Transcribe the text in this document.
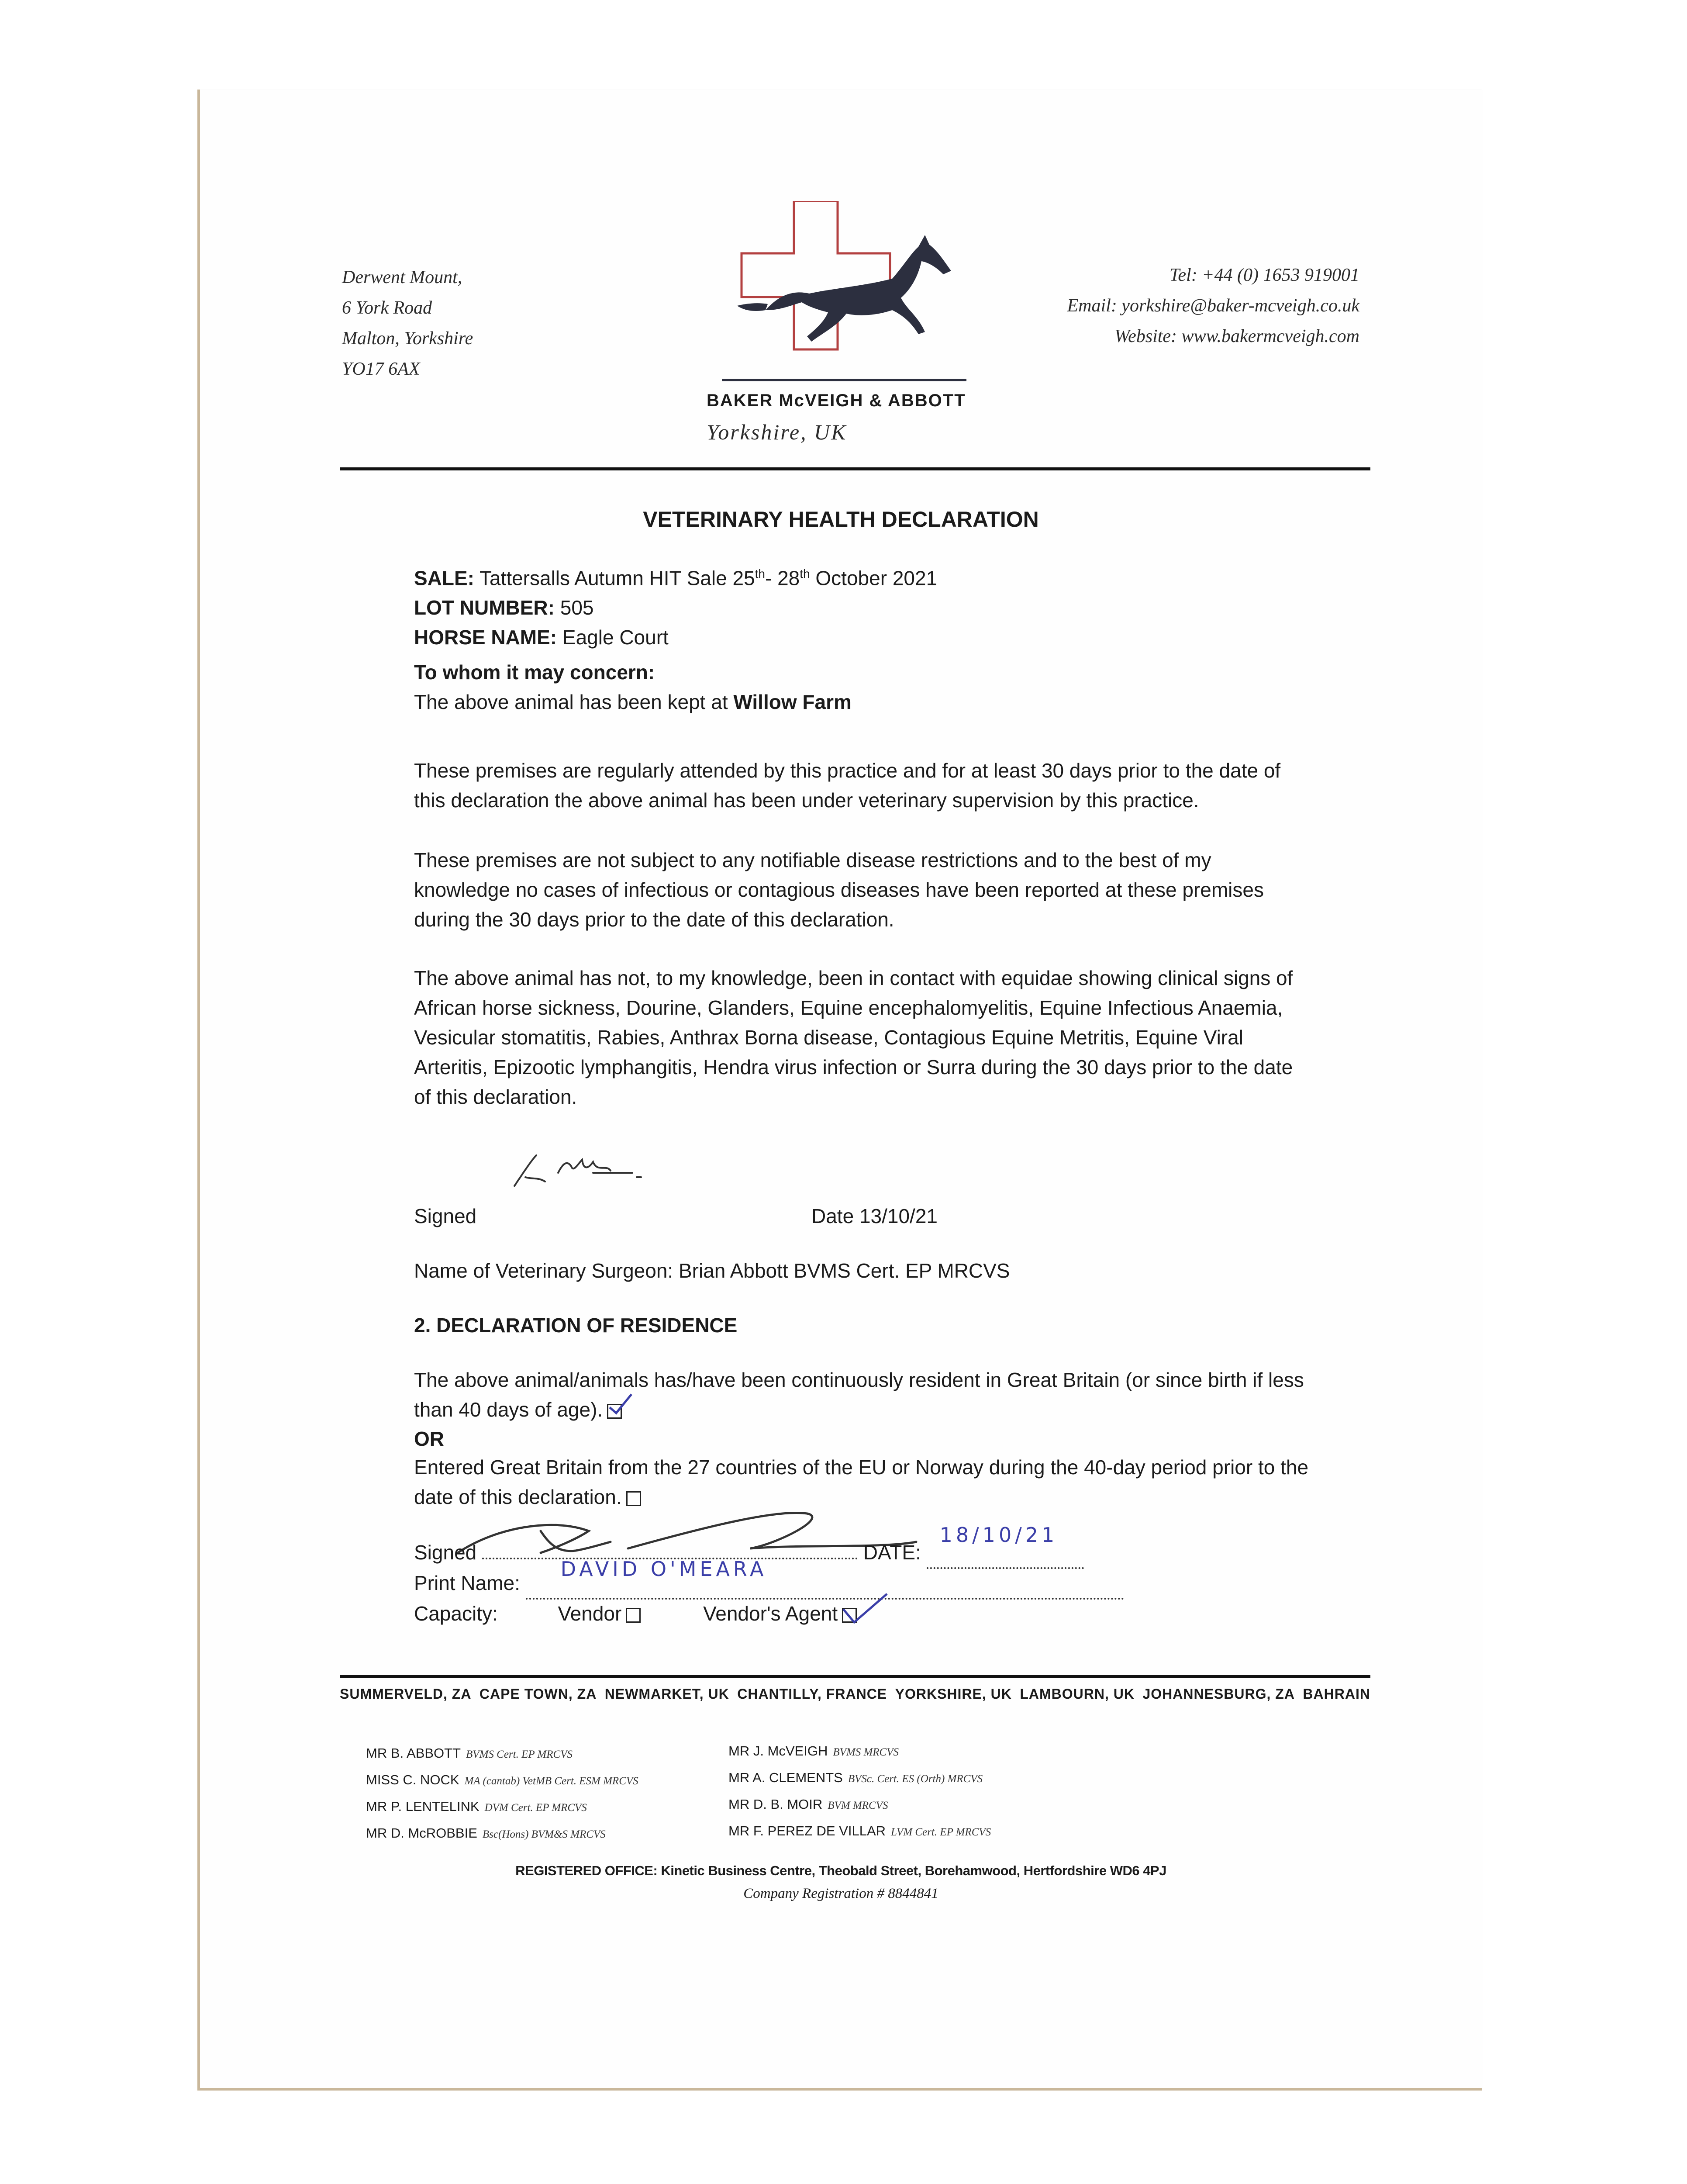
Derwent Mount,
6 York Road
Malton, Yorkshire
YO17 6AX
BAKER McVEIGH & ABBOTT
Yorkshire, UK
Tel: +44 (0) 1653 919001
Email: yorkshire@baker-mcveigh.co.uk
Website: www.bakermcveigh.com
VETERINARY HEALTH DECLARATION

SALE: Tattersalls Autumn HIT Sale 25th- 28th October 2021

LOT NUMBER: 505

HORSE NAME: Eagle Court

To whom it may concern:

The above animal has been kept at Willow Farm

These premises are regularly attended by this practice and for at least 30 days prior to the date of this declaration the above animal has been under veterinary supervision by this practice.
These premises are not subject to any notifiable disease restrictions and to the best of my knowledge no cases of infectious or contagious diseases have been reported at these premises during the 30 days prior to the date of this declaration.
The above animal has not, to my knowledge, been in contact with equidae showing clinical signs of African horse sickness, Dourine, Glanders, Equine encephalomyelitis, Equine Infectious Anaemia, Vesicular stomatitis, Rabies, Anthrax Borna disease, Contagious Equine Metritis, Equine Viral Arteritis, Epizootic lymphangitis, Hendra virus infection or Surra during the 30 days prior to the date of this declaration.
Signed	Date 13/10/21
Name of Veterinary Surgeon: Brian Abbott BVMS Cert. EP MRCVS
2. DECLARATION OF RESIDENCE
The above animal/animals has/have been continuously resident in Great Britain (or since birth if less than 40 days of age).
OR
Entered Great Britain from the 27 countries of the EU or Norway during the 40-day period prior to the date of this declaration.
Signed	DATE:
18/10/21

Print Name:
DAVID O'MEARA

Capacity:	Vendor	Vendor's Agent
SUMMERVELD, ZA CAPE TOWN, ZA NEWMARKET, UK CHANTILLY, FRANCE YORKSHIRE, UK LAMBOURN, UK JOHANNESBURG, ZA BAHRAIN
MR B. ABBOTT BVMS Cert. EP MRCVS
MISS C. NOCK MA (cantab) VetMB Cert. ESM MRCVS
MR P. LENTELINK DVM Cert. EP MRCVS
MR D. McROBBIE Bsc(Hons) BVM&S MRCVS
MR J. McVEIGH BVMS MRCVS
MR A. CLEMENTS BVSc. Cert. ES (Orth) MRCVS
MR D. B. MOIR BVM MRCVS
MR F. PEREZ DE VILLAR LVM Cert. EP MRCVS
REGISTERED OFFICE: Kinetic Business Centre, Theobald Street, Borehamwood, Hertfordshire WD6 4PJ
Company Registration # 8844841
